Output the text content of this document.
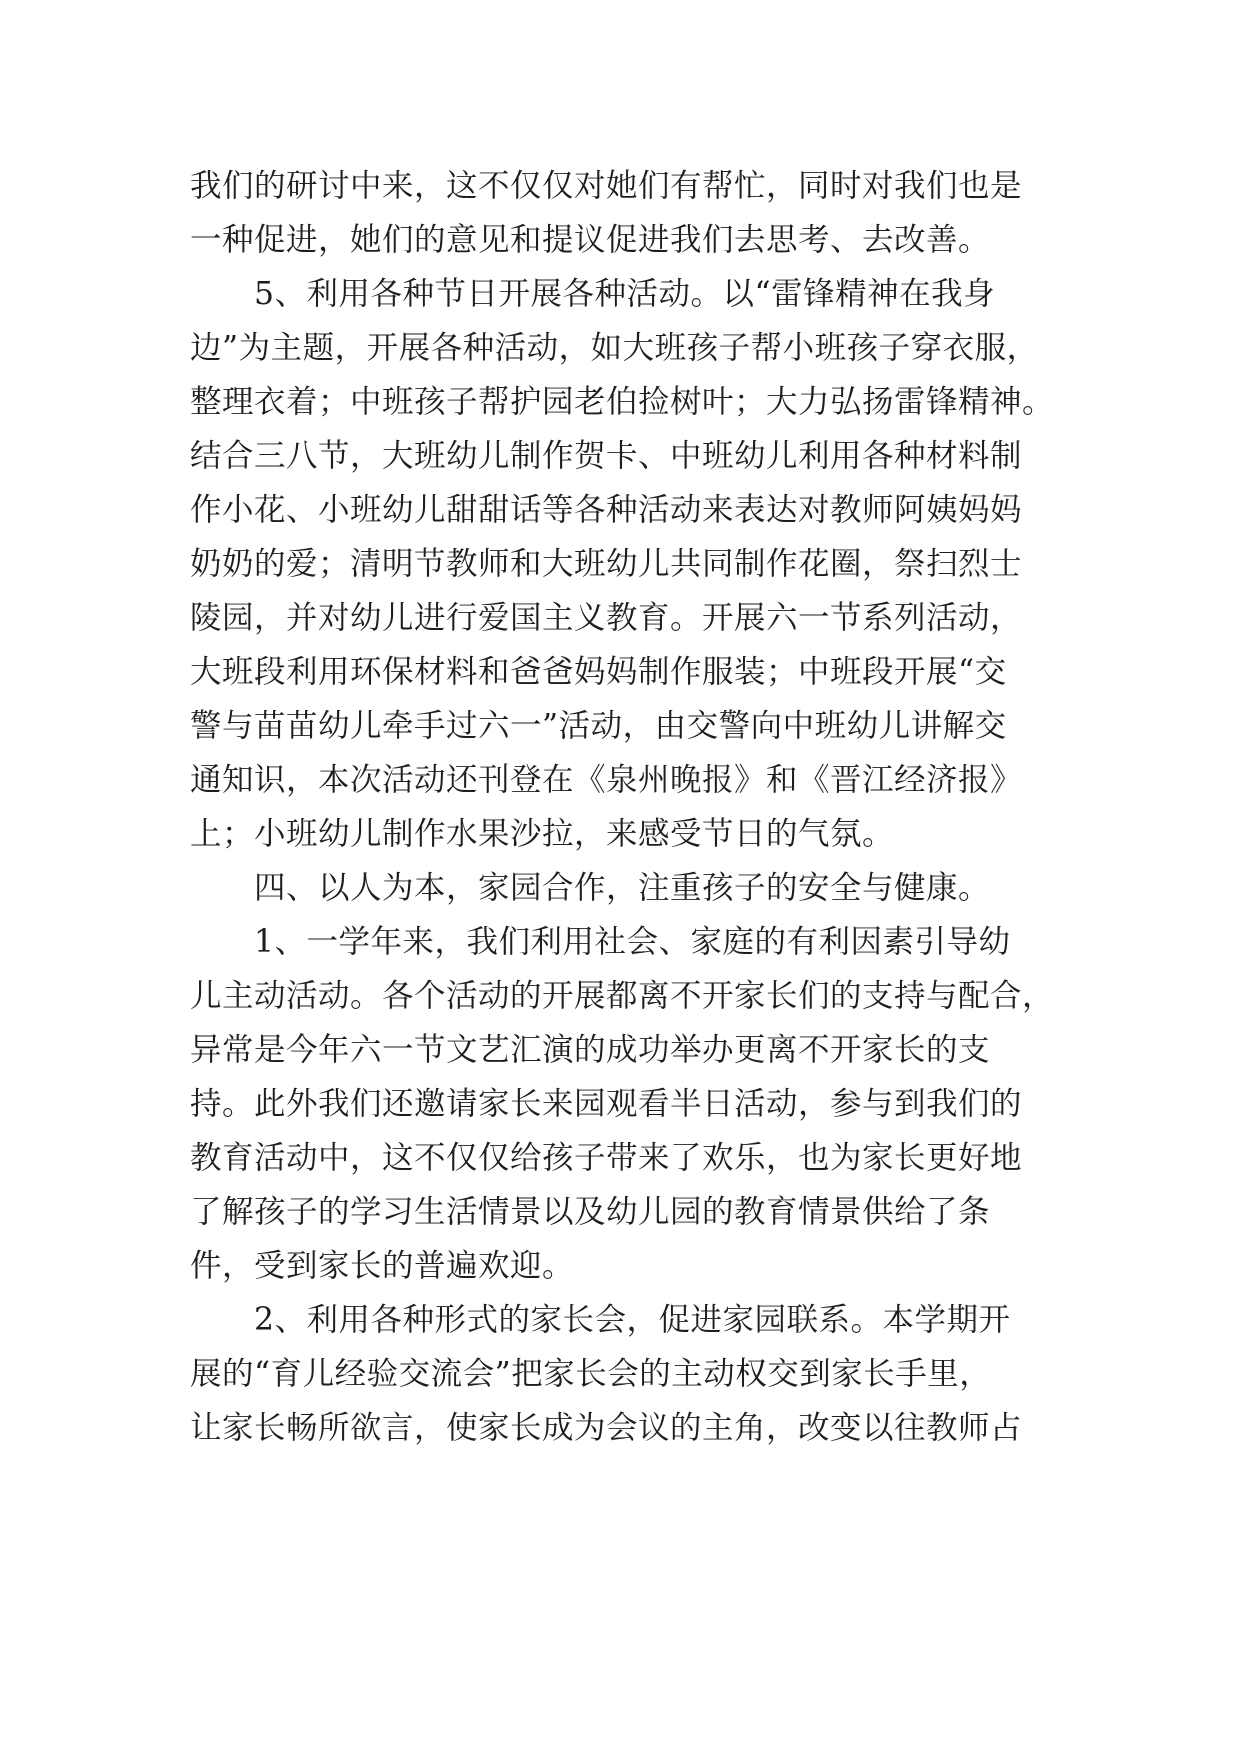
我们的研讨中来，这不仅仅对她们有帮忙，同时对我们也是
一种促进，她们的意见和提议促进我们去思考、去改善。
5、利用各种节日开展各种活动。以“雷锋精神在我身
边”为主题，开展各种活动，如大班孩子帮小班孩子穿衣服，
整理衣着；中班孩子帮护园老伯捡树叶；大力弘扬雷锋精神。
结合三八节，大班幼儿制作贺卡、中班幼儿利用各种材料制
作小花、小班幼儿甜甜话等各种活动来表达对教师阿姨妈妈
奶奶的爱；清明节教师和大班幼儿共同制作花圈，祭扫烈士
陵园，并对幼儿进行爱国主义教育。开展六一节系列活动，
大班段利用环保材料和爸爸妈妈制作服装；中班段开展“交
警与苗苗幼儿牵手过六一”活动，由交警向中班幼儿讲解交
通知识，本次活动还刊登在《泉州晚报》和《晋江经济报》
上；小班幼儿制作水果沙拉，来感受节日的气氛。
四、以人为本，家园合作，注重孩子的安全与健康。
1、一学年来，我们利用社会、家庭的有利因素引导幼
儿主动活动。各个活动的开展都离不开家长们的支持与配合，
异常是今年六一节文艺汇演的成功举办更离不开家长的支
持。此外我们还邀请家长来园观看半日活动，参与到我们的
教育活动中，这不仅仅给孩子带来了欢乐，也为家长更好地
了解孩子的学习生活情景以及幼儿园的教育情景供给了条
件，受到家长的普遍欢迎。
2、利用各种形式的家长会，促进家园联系。本学期开
展的“育儿经验交流会”把家长会的主动权交到家长手里，
让家长畅所欲言，使家长成为会议的主角，改变以往教师占
